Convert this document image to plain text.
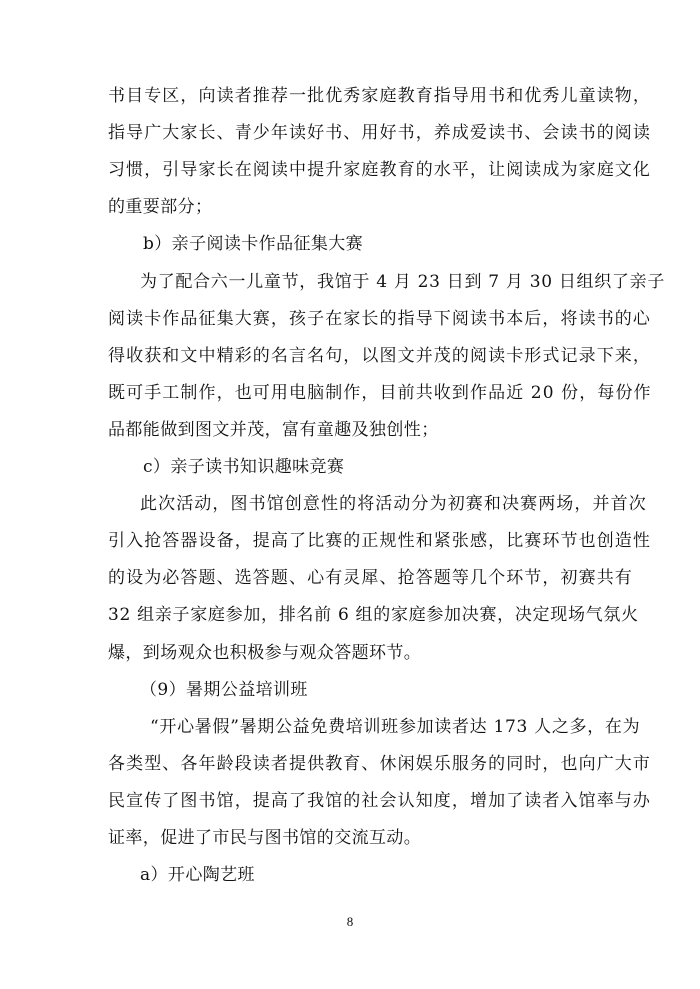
书目专区，向读者推荐一批优秀家庭教育指导用书和优秀儿童读物，
指导广大家长、青少年读好书、用好书，养成爱读书、会读书的阅读
习惯，引导家长在阅读中提升家庭教育的水平，让阅读成为家庭文化
的重要部分；
b）亲子阅读卡作品征集大赛
为了配合六一儿童节，我馆于 4 月 23 日到 7 月 30 日组织了亲子
阅读卡作品征集大赛，孩子在家长的指导下阅读书本后，将读书的心
得收获和文中精彩的名言名句，以图文并茂的阅读卡形式记录下来，
既可手工制作，也可用电脑制作，目前共收到作品近 20 份，每份作
品都能做到图文并茂，富有童趣及独创性；
c）亲子读书知识趣味竞赛
此次活动，图书馆创意性的将活动分为初赛和决赛两场，并首次
引入抢答器设备，提高了比赛的正规性和紧张感，比赛环节也创造性
的设为必答题、选答题、心有灵犀、抢答题等几个环节，初赛共有
32 组亲子家庭参加，排名前 6 组的家庭参加决赛，决定现场气氛火
爆，到场观众也积极参与观众答题环节。
（9）暑期公益培训班
“开心暑假”暑期公益免费培训班参加读者达 173 人之多，在为
各类型、各年龄段读者提供教育、休闲娱乐服务的同时，也向广大市
民宣传了图书馆，提高了我馆的社会认知度，增加了读者入馆率与办
证率，促进了市民与图书馆的交流互动。
a）开心陶艺班
8
